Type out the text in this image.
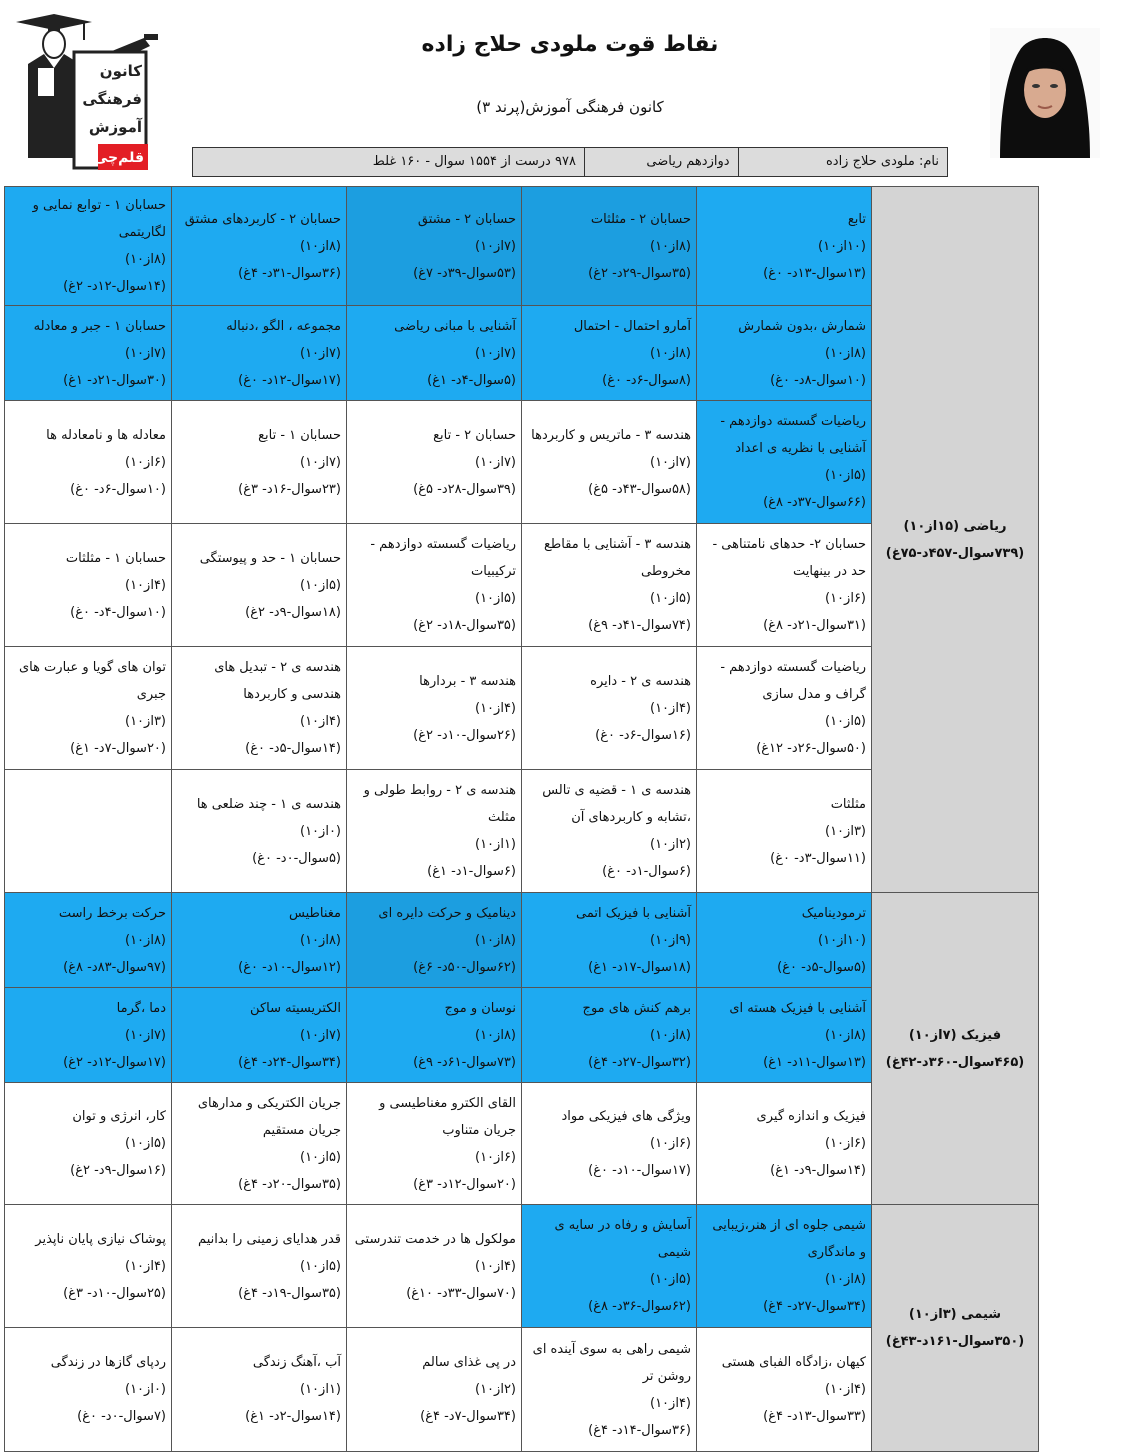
کانون
فرهنگی
آموزش
قلم‌چی
نقاط قوت ملودی حلاج زاده
کانون فرهنگی آموزش(پرند ۳)
نام: ملودی حلاج زاده
دوازدهم ریاضی
۹۷۸ درست از ۱۵۵۴ سوال - ۱۶۰ غلط
ریاضی (۱۵از۱۰)
(۷۳۹سوال-۴۵۷د-۷۵غ)	تابع
(۱۰از۱۰)
(۱۳سوال-۱۳د- ۰غ)	حسابان ۲ - مثلثات
(۸از۱۰)
(۳۵سوال-۲۹د- ۲غ)	حسابان ۲ - مشتق
(۷از۱۰)
(۵۳سوال-۳۹د- ۷غ)	حسابان ۲ - کاربردهای مشتق
(۸از۱۰)
(۳۶سوال-۳۱د- ۴غ)	حسابان ۱ - توابع نمایی و لگاریتمی
(۸از۱۰)
(۱۴سوال-۱۲د- ۲غ)

	شمارش ،بدون شمارش
(۸از۱۰)
(۱۰سوال-۸د- ۰غ)	آمارو احتمال - احتمال
(۸از۱۰)
(۸سوال-۶د- ۰غ)	آشنایی با مبانی ریاضی
(۷از۱۰)
(۵سوال-۴د- ۱غ)	مجموعه ، الگو ،دنباله
(۷از۱۰)
(۱۷سوال-۱۲د- ۰غ)	حسابان ۱ - جبر و معادله
(۷از۱۰)
(۳۰سوال-۲۱د- ۱غ)

	ریاضیات گسسته دوازدهم - آشنایی با نظریه ی اعداد
(۵از۱۰)
(۶۶سوال-۳۷د- ۸غ)	هندسه ۳ - ماتریس و کاربردها
(۷از۱۰)
(۵۸سوال-۴۳د- ۵غ)	حسابان ۲ - تابع
(۷از۱۰)
(۳۹سوال-۲۸د- ۵غ)	حسابان ۱ - تابع
(۷از۱۰)
(۲۳سوال-۱۶د- ۳غ)	معادله ها و نامعادله ها
(۶از۱۰)
(۱۰سوال-۶د- ۰غ)

	حسابان ۲- حدهای نامتناهی - حد در بینهایت
(۶از۱۰)
(۳۱سوال-۲۱د- ۸غ)	هندسه ۳ - آشنایی با مقاطع مخروطی
(۵از۱۰)
(۷۴سوال-۴۱د- ۹غ)	ریاضیات گسسته دوازدهم - ترکیبیات
(۵از۱۰)
(۳۵سوال-۱۸د- ۲غ)	حسابان ۱ - حد و پیوستگی
(۵از۱۰)
(۱۸سوال-۹د- ۲غ)	حسابان ۱ - مثلثات
(۴از۱۰)
(۱۰سوال-۴د- ۰غ)

	ریاضیات گسسته دوازدهم - گراف و مدل سازی
(۵از۱۰)
(۵۰سوال-۲۶د- ۱۲غ)	هندسه ی ۲ - دایره
(۴از۱۰)
(۱۶سوال-۶د- ۰غ)	هندسه ۳ - بردارها
(۴از۱۰)
(۲۶سوال-۱۰د- ۲غ)	هندسه ی ۲ - تبدیل های هندسی و کاربردها
(۴از۱۰)
(۱۴سوال-۵د- ۰غ)	توان های گویا و عبارت های جبری
(۳از۱۰)
(۲۰سوال-۷د- ۱غ)

	مثلثات
(۳از۱۰)
(۱۱سوال-۳د- ۰غ)	هندسه ی ۱ - قضیه ی تالس ،تشابه و کاربردهای آن
(۲از۱۰)
(۶سوال-۱د- ۰غ)	هندسه ی ۲ - روابط طولی و مثلث
(۱از۱۰)
(۶سوال-۱د- ۱غ)	هندسه ی ۱ - چند ضلعی ها
(۰از۱۰)
(۵سوال-۰د- ۰غ)	

فیزیک (۷از۱۰)
(۴۶۵سوال-۳۶۰د-۴۲غ)	ترمودینامیک
(۱۰از۱۰)
(۵سوال-۵د- ۰غ)	آشنایی با فیزیک اتمی
(۹از۱۰)
(۱۸سوال-۱۷د- ۱غ)	دینامیک و حرکت دایره ای
(۸از۱۰)
(۶۲سوال-۵۰د- ۶غ)	مغناطیس
(۸از۱۰)
(۱۲سوال-۱۰د- ۰غ)	حرکت برخط راست
(۸از۱۰)
(۹۷سوال-۸۳د- ۸غ)

	آشنایی با فیزیک هسته ای
(۸از۱۰)
(۱۳سوال-۱۱د- ۱غ)	برهم کنش های موج
(۸از۱۰)
(۳۲سوال-۲۷د- ۴غ)	نوسان و موج
(۸از۱۰)
(۷۳سوال-۶۱د- ۹غ)	الکتریسیته ساکن
(۷از۱۰)
(۳۴سوال-۲۴د- ۴غ)	دما ،گرما
(۷از۱۰)
(۱۷سوال-۱۲د- ۲غ)

	فیزیک و اندازه گیری
(۶از۱۰)
(۱۴سوال-۹د- ۱غ)	ویژگی های فیزیکی مواد
(۶از۱۰)
(۱۷سوال-۱۰د- ۰غ)	القای الکترو مغناطیسی و جریان متناوب
(۶از۱۰)
(۲۰سوال-۱۲د- ۳غ)	جریان الکتریکی و مدارهای جریان مستقیم
(۵از۱۰)
(۳۵سوال-۲۰د- ۴غ)	کار، انرژی و توان
(۵از۱۰)
(۱۶سوال-۹د- ۲غ)

شیمی (۳از۱۰)
(۳۵۰سوال-۱۶۱د-۴۳غ)	شیمی جلوه ای از هنر،زیبایی و ماندگاری
(۸از۱۰)
(۳۴سوال-۲۷د- ۴غ)	آسایش و رفاه در سایه ی شیمی
(۵از۱۰)
(۶۲سوال-۳۶د- ۸غ)	مولکول ها در خدمت تندرستی
(۴از۱۰)
(۷۰سوال-۳۳د- ۱۰غ)	قدر هدایای زمینی را بدانیم
(۵از۱۰)
(۳۵سوال-۱۹د- ۴غ)	پوشاک نیازی پایان ناپذیر
(۴از۱۰)
(۲۵سوال-۱۰د- ۳غ)

	کیهان ،زادگاه الفبای هستی
(۴از۱۰)
(۳۳سوال-۱۳د- ۴غ)	شیمی راهی به سوی آینده ای روشن تر
(۴از۱۰)
(۳۶سوال-۱۴د- ۴غ)	در پی غذای سالم
(۲از۱۰)
(۳۴سوال-۷د- ۴غ)	آب ،آهنگ زندگی
(۱از۱۰)
(۱۴سوال-۲د- ۱غ)	ردپای گازها در زندگی
(۰از۱۰)
(۷سوال-۰د- ۰غ)
